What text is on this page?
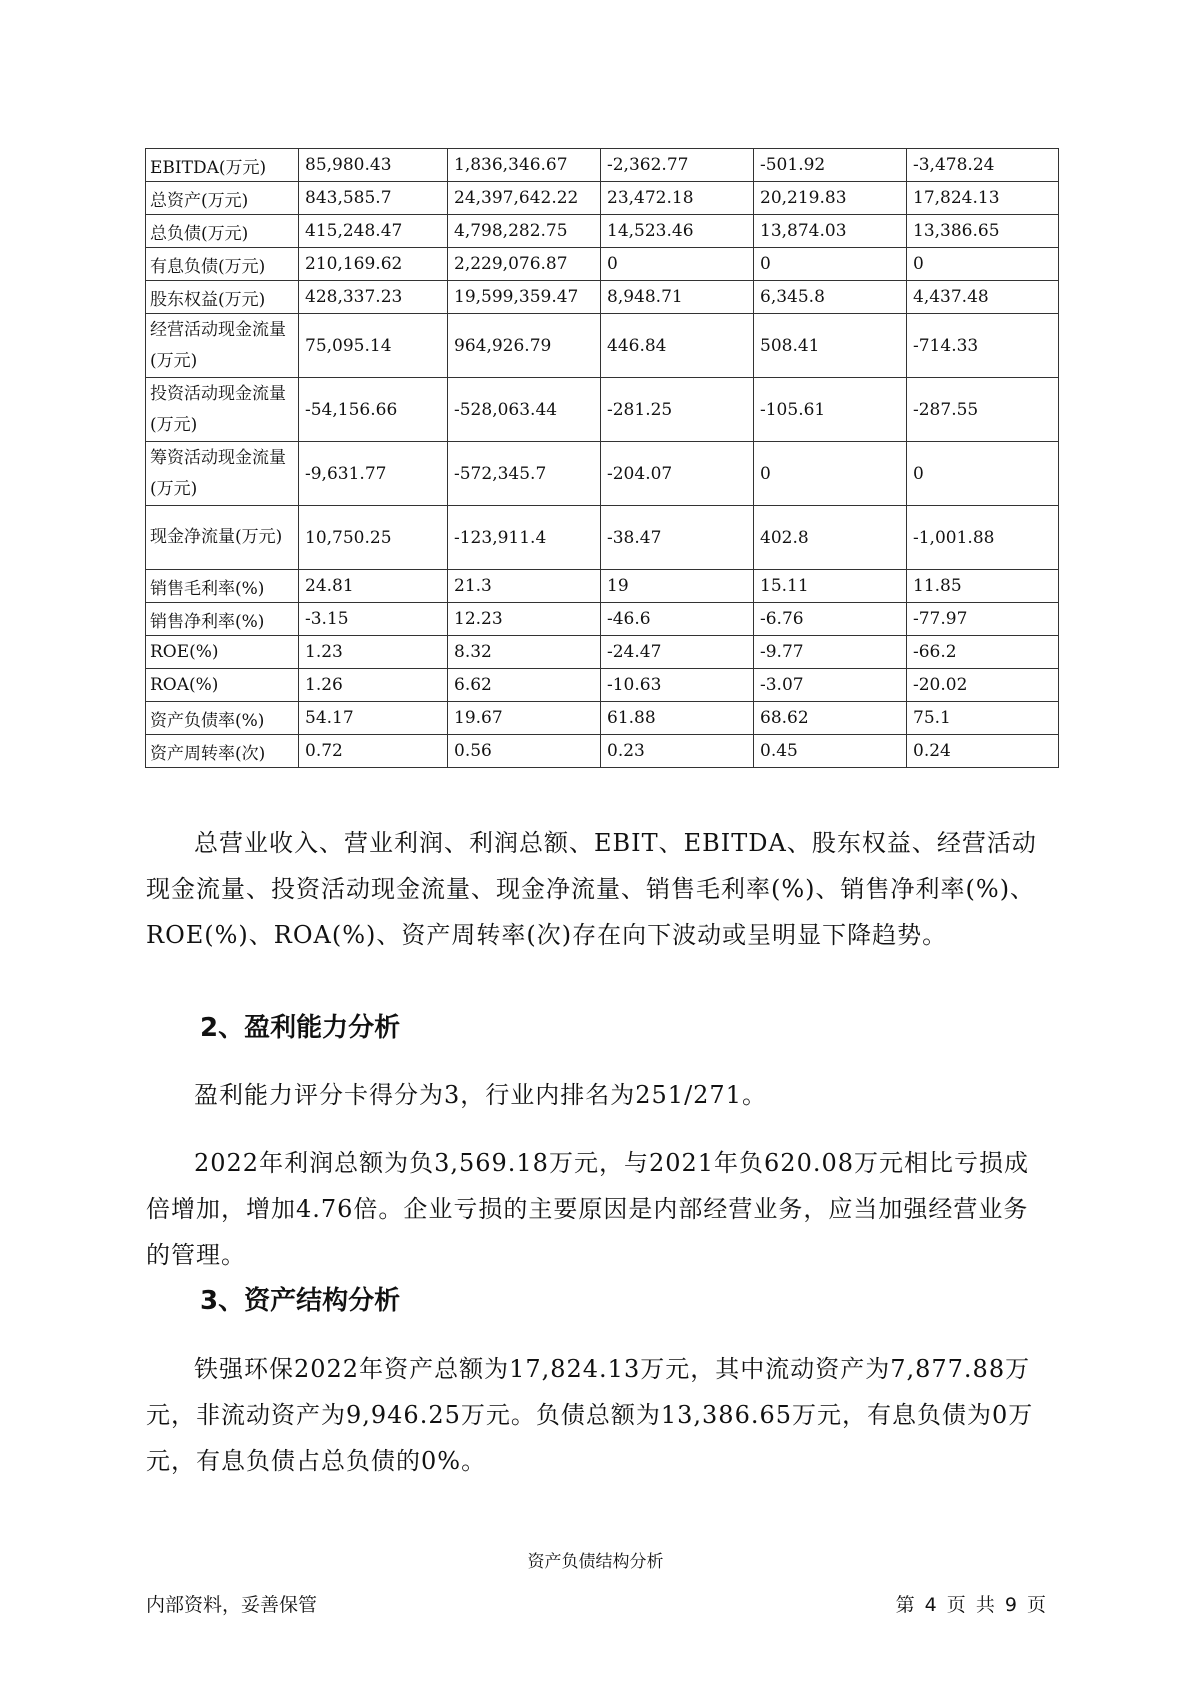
EBITDA(万元)	85,980.43	1,836,346.67	-2,362.77	-501.92	-3,478.24
总资产(万元)	843,585.7	24,397,642.22	23,472.18	20,219.83	17,824.13
总负债(万元)	415,248.47	4,798,282.75	14,523.46	13,874.03	13,386.65
有息负债(万元)	210,169.62	2,229,076.87	0	0	0
股东权益(万元)	428,337.23	19,599,359.47	8,948.71	6,345.8	4,437.48
经营活动现金流量(万元)	75,095.14	964,926.79	446.84	508.41	-714.33
投资活动现金流量(万元)	-54,156.66	-528,063.44	-281.25	-105.61	-287.55
筹资活动现金流量(万元)	-9,631.77	-572,345.7	-204.07	0	0
现金净流量(万元)	10,750.25	-123,911.4	-38.47	402.8	-1,001.88
销售毛利率(%)	24.81	21.3	19	15.11	11.85
销售净利率(%)	-3.15	12.23	-46.6	-6.76	-77.97
ROE(%)	1.23	8.32	-24.47	-9.77	-66.2
ROA(%)	1.26	6.62	-10.63	-3.07	-20.02
资产负债率(%)	54.17	19.67	61.88	68.62	75.1
资产周转率(次)	0.72	0.56	0.23	0.45	0.24

总营业收入、营业利润、利润总额、EBIT、EBITDA、股东权益、经营活动现金流量、投资活动现金流量、现金净流量、销售毛利率(%)、销售净利率(%)、ROE(%)、ROA(%)、资产周转率(次)存在向下波动或呈明显下降趋势。

2、盈利能力分析

盈利能力评分卡得分为3，行业内排名为251/271。

2022年利润总额为负3,569.18万元，与2021年负620.08万元相比亏损成倍增加，增加4.76倍。企业亏损的主要原因是内部经营业务，应当加强经营业务的管理。

3、资产结构分析

铁强环保2022年资产总额为17,824.13万元，其中流动资产为7,877.88万元，非流动资产为9,946.25万元。负债总额为13,386.65万元，有息负债为0万元，有息负债占总负债的0%。

资产负债结构分析

内部资料，妥善保管	第 4 页 共 9 页
